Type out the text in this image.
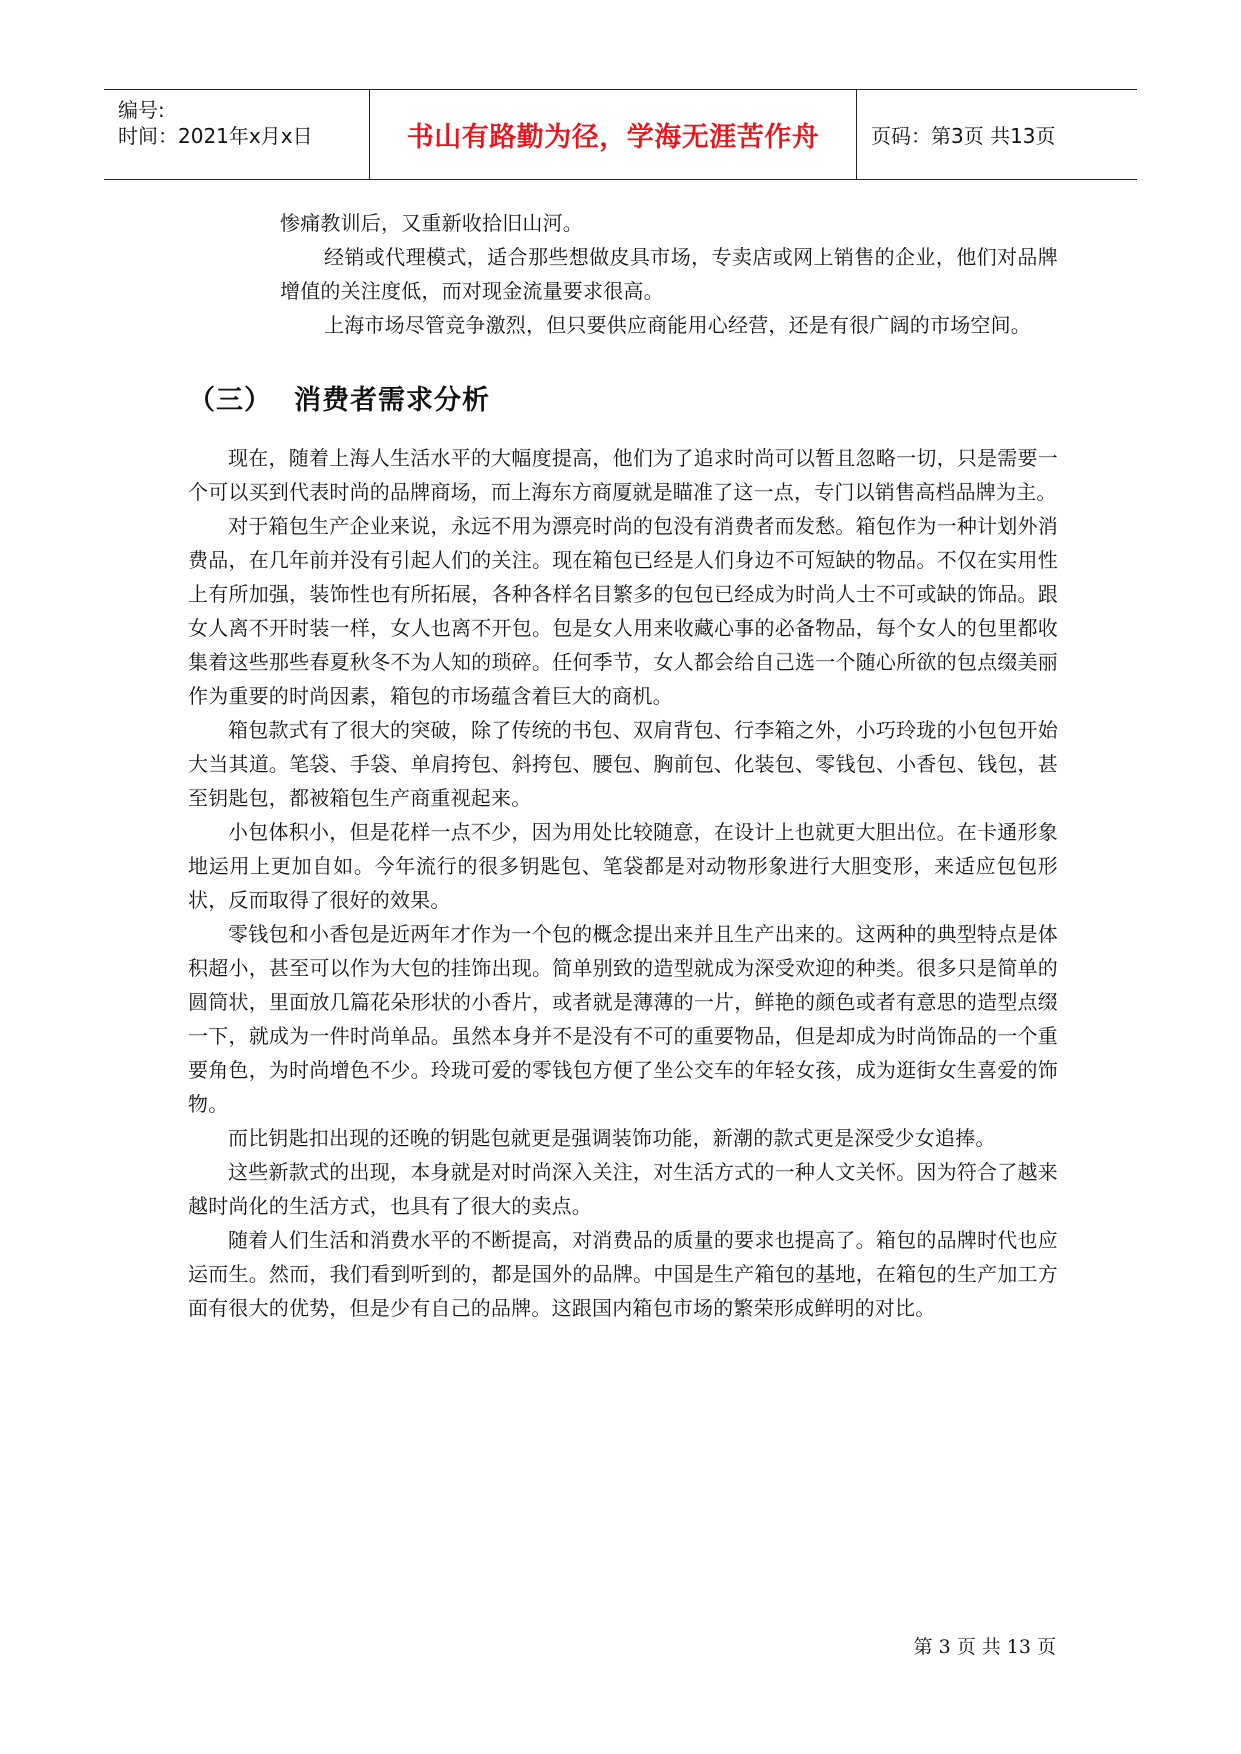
编号:
时间：2021年x月x日	书山有路勤为径，学海无涯苦作舟	页码：第3页 共13页

惨痛教训后，又重新收拾旧山河。

经销或代理模式，适合那些想做皮具市场，专卖店或网上销售的企业，他们对品牌增值的关注度低，而对现金流量要求很高。

上海市场尽管竞争激烈，但只要供应商能用心经营，还是有很广阔的市场空间。

（三） 消费者需求分析

现在，随着上海人生活水平的大幅度提高，他们为了追求时尚可以暂且忽略一切，只是需要一个可以买到代表时尚的品牌商场，而上海东方商厦就是瞄准了这一点，专门以销售高档品牌为主。

对于箱包生产企业来说，永远不用为漂亮时尚的包没有消费者而发愁。箱包作为一种计划外消费品，在几年前并没有引起人们的关注。现在箱包已经是人们身边不可短缺的物品。不仅在实用性上有所加强，装饰性也有所拓展，各种各样名目繁多的包包已经成为时尚人士不可或缺的饰品。跟女人离不开时装一样，女人也离不开包。包是女人用来收藏心事的必备物品，每个女人的包里都收集着这些那些春夏秋冬不为人知的琐碎。任何季节，女人都会给自己选一个随心所欲的包点缀美丽作为重要的时尚因素，箱包的市场蕴含着巨大的商机。

箱包款式有了很大的突破，除了传统的书包、双肩背包、行李箱之外，小巧玲珑的小包包开始大当其道。笔袋、手袋、单肩挎包、斜挎包、腰包、胸前包、化装包、零钱包、小香包、钱包，甚至钥匙包，都被箱包生产商重视起来。

小包体积小，但是花样一点不少，因为用处比较随意，在设计上也就更大胆出位。在卡通形象地运用上更加自如。今年流行的很多钥匙包、笔袋都是对动物形象进行大胆变形，来适应包包形状，反而取得了很好的效果。

零钱包和小香包是近两年才作为一个包的概念提出来并且生产出来的。这两种的典型特点是体积超小，甚至可以作为大包的挂饰出现。简单别致的造型就成为深受欢迎的种类。很多只是简单的圆筒状，里面放几篇花朵形状的小香片，或者就是薄薄的一片，鲜艳的颜色或者有意思的造型点缀一下，就成为一件时尚单品。虽然本身并不是没有不可的重要物品，但是却成为时尚饰品的一个重要角色，为时尚增色不少。玲珑可爱的零钱包方便了坐公交车的年轻女孩，成为逛街女生喜爱的饰物。

而比钥匙扣出现的还晚的钥匙包就更是强调装饰功能，新潮的款式更是深受少女追捧。

这些新款式的出现，本身就是对时尚深入关注，对生活方式的一种人文关怀。因为符合了越来越时尚化的生活方式，也具有了很大的卖点。

随着人们生活和消费水平的不断提高，对消费品的质量的要求也提高了。箱包的品牌时代也应运而生。然而，我们看到听到的，都是国外的品牌。中国是生产箱包的基地，在箱包的生产加工方面有很大的优势，但是少有自己的品牌。这跟国内箱包市场的繁荣形成鲜明的对比。

第 3 页 共 13 页
